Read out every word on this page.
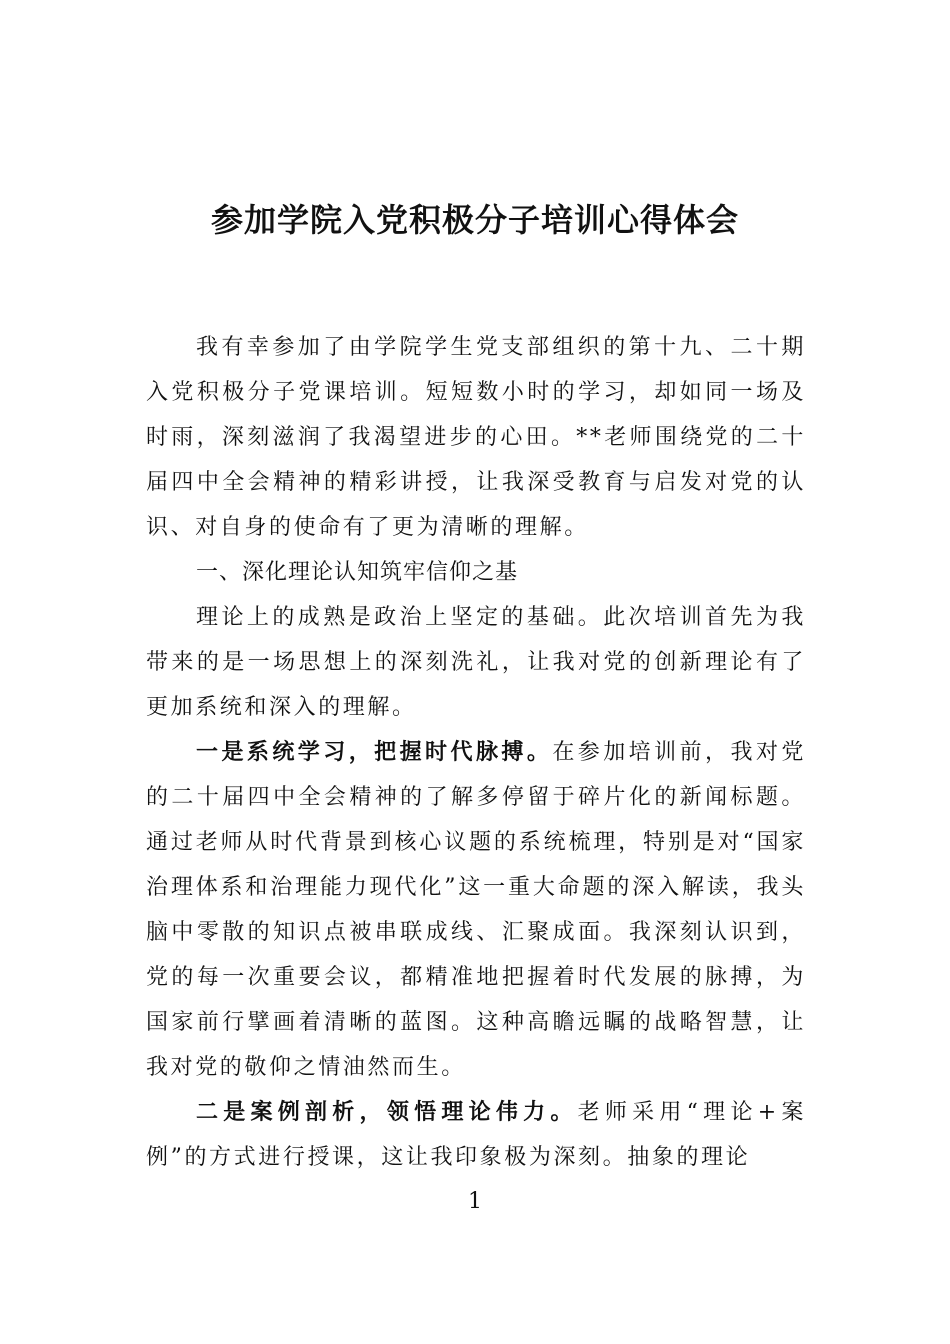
参加学院入党积极分子培训心得体会

我有幸参加了由学院学生党支部组织的第十九、二十期入党积极分子党课培训。短短数小时的学习，却如同一场及时雨，深刻滋润了我渴望进步的心田。**老师围绕党的二十届四中全会精神的精彩讲授，让我深受教育与启发对党的认识、对自身的使命有了更为清晰的理解。

一、深化理论认知筑牢信仰之基

理论上的成熟是政治上坚定的基础。此次培训首先为我带来的是一场思想上的深刻洗礼，让我对党的创新理论有了更加系统和深入的理解。

一是系统学习，把握时代脉搏。在参加培训前，我对党的二十届四中全会精神的了解多停留于碎片化的新闻标题。通过老师从时代背景到核心议题的系统梳理，特别是对“国家治理体系和治理能力现代化”这一重大命题的深入解读，我头脑中零散的知识点被串联成线、汇聚成面。我深刻认识到，党的每一次重要会议，都精准地把握着时代发展的脉搏，为国家前行擘画着清晰的蓝图。这种高瞻远瞩的战略智慧，让我对党的敬仰之情油然而生。

二是案例剖析，领悟理论伟力。老师采用“理论+案例”的方式进行授课，这让我印象极为深刻。抽象的理论

1
